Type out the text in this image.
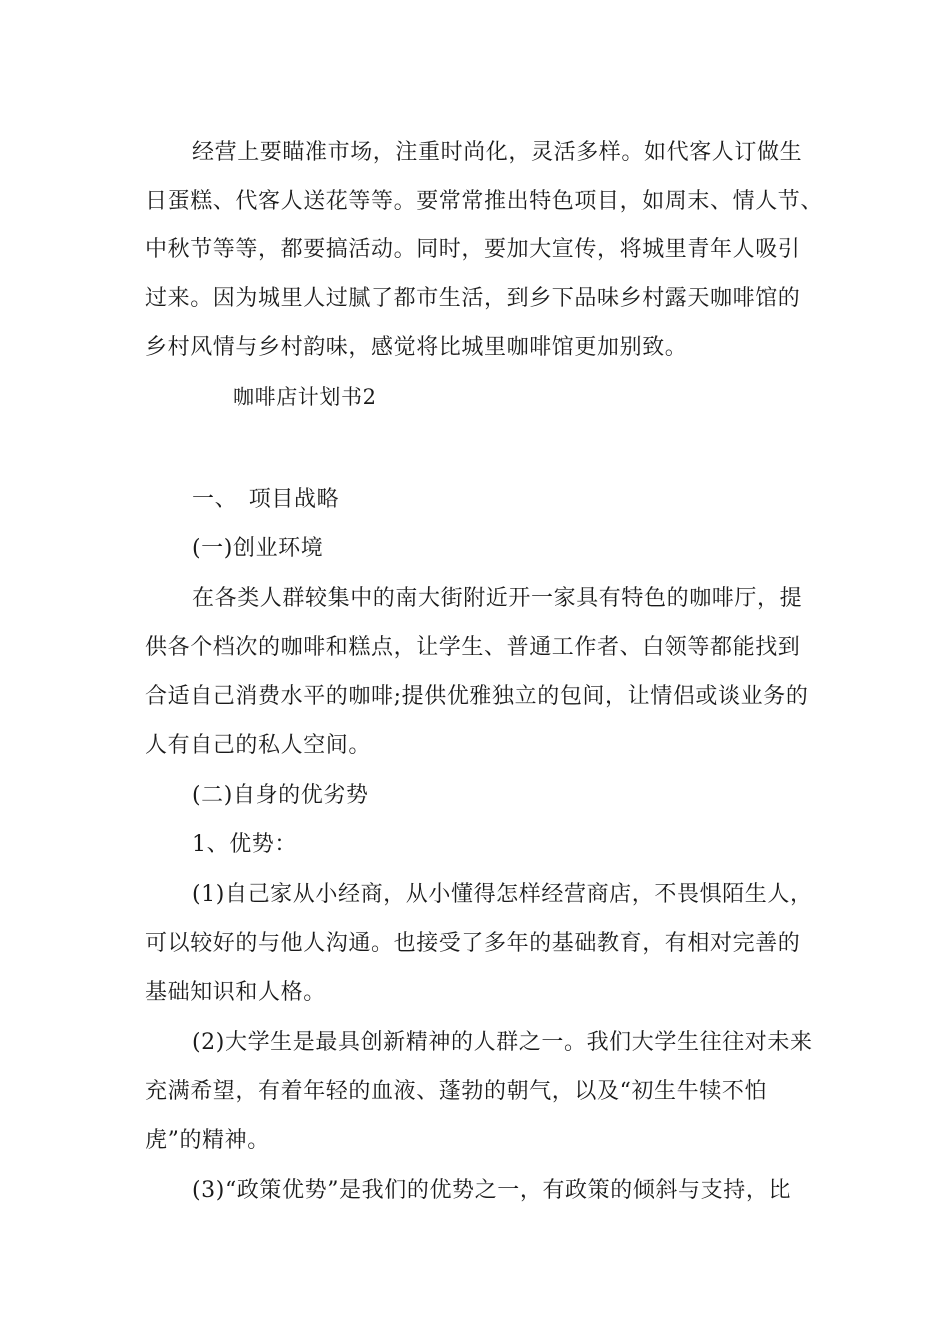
经营上要瞄准市场，注重时尚化，灵活多样。如代客人订做生
日蛋糕、代客人送花等等。要常常推出特色项目，如周末、情人节、
中秋节等等，都要搞活动。同时，要加大宣传，将城里青年人吸引
过来。因为城里人过腻了都市生活，到乡下品味乡村露天咖啡馆的
乡村风情与乡村韵味，感觉将比城里咖啡馆更加别致。
咖啡店计划书2
一、　项目战略
(一)创业环境
在各类人群较集中的南大街附近开一家具有特色的咖啡厅，提
供各个档次的咖啡和糕点，让学生、普通工作者、白领等都能找到
合适自己消费水平的咖啡;提供优雅独立的包间，让情侣或谈业务的
人有自己的私人空间。
(二)自身的优劣势
1、优势：
(1)自己家从小经商，从小懂得怎样经营商店，不畏惧陌生人，
可以较好的与他人沟通。也接受了多年的基础教育，有相对完善的
基础知识和人格。
(2)大学生是最具创新精神的人群之一。我们大学生往往对未来
充满希望，有着年轻的血液、蓬勃的朝气，以及“初生牛犊不怕
虎”的精神。
(3)“政策优势”是我们的优势之一，有政策的倾斜与支持，比
